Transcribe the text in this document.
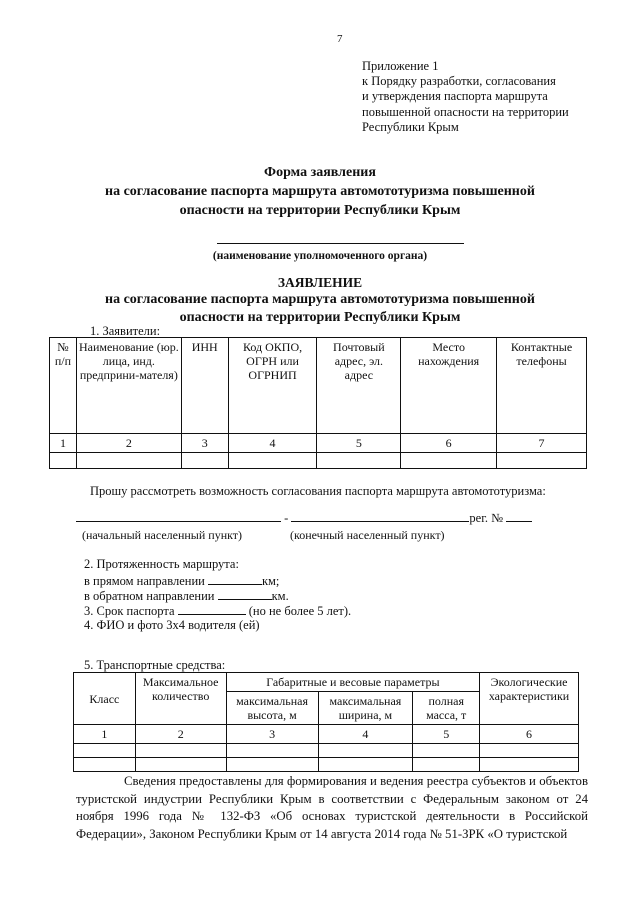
7
Приложение 1
к Порядку разработки, согласования
и утверждения паспорта маршрута
повышенной опасности на территории
Республики Крым
Форма заявления
на согласование паспорта маршрута автомототуризма повышенной
опасности на территории Республики Крым
(наименование уполномоченного органа)
ЗАЯВЛЕНИЕ
на согласование паспорта маршрута автомототуризма повышенной
опасности на территории Республики Крым
1. Заявители:
№ п/п	Наименование (юр. лица, инд. предприни-мателя)	ИНН	Код ОКПО, ОГРН или ОГРНИП	Почтовый адрес, эл. адрес	Место нахождения	Контактные телефоны
1	2	3	4	5	6	7

Прошу рассмотреть возможность согласования паспорта маршрута автомототуризма:
-	рег. №
(начальный населенный пункт)	(конечный населенный пункт)
2. Протяженность маршрута:
в прямом направлении	км;
в обратном направлении	км.
3. Срок паспорта	(но не более 5 лет).
4. ФИО и фото 3х4 водителя (ей)
5. Транспортные средства:
Класс	Максимальное количество	Габаритные и весовые параметры			Экологические характеристики
		максимальная высота, м	максимальная ширина, м	полная масса, т	
1	2	3	4	5	6

Сведения предоставлены для формирования и ведения реестра субъектов и объектов туристской индустрии Республики Крым в соответствии с Федеральным законом от 24 ноября 1996 года № 132-ФЗ «Об основах туристской деятельности в Российской Федерации», Законом Республики Крым от 14 августа 2014 года № 51-ЗРК «О туристской
